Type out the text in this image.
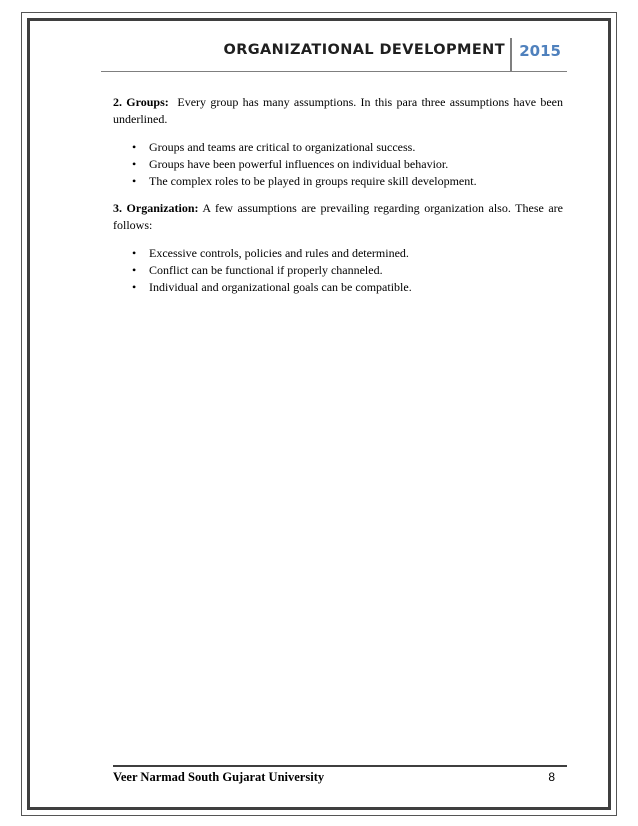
ORGANIZATIONAL DEVELOPMENT 2015

2. Groups: Every group has many assumptions. In this para three assumptions have been underlined.

• Groups and teams are critical to organizational success.
• Groups have been powerful influences on individual behavior.
• The complex roles to be played in groups require skill development.

3. Organization: A few assumptions are prevailing regarding organization also. These are follows:

• Excessive controls, policies and rules and determined.
• Conflict can be functional if properly channeled.
• Individual and organizational goals can be compatible.
Veer Narmad South Gujarat University	8
